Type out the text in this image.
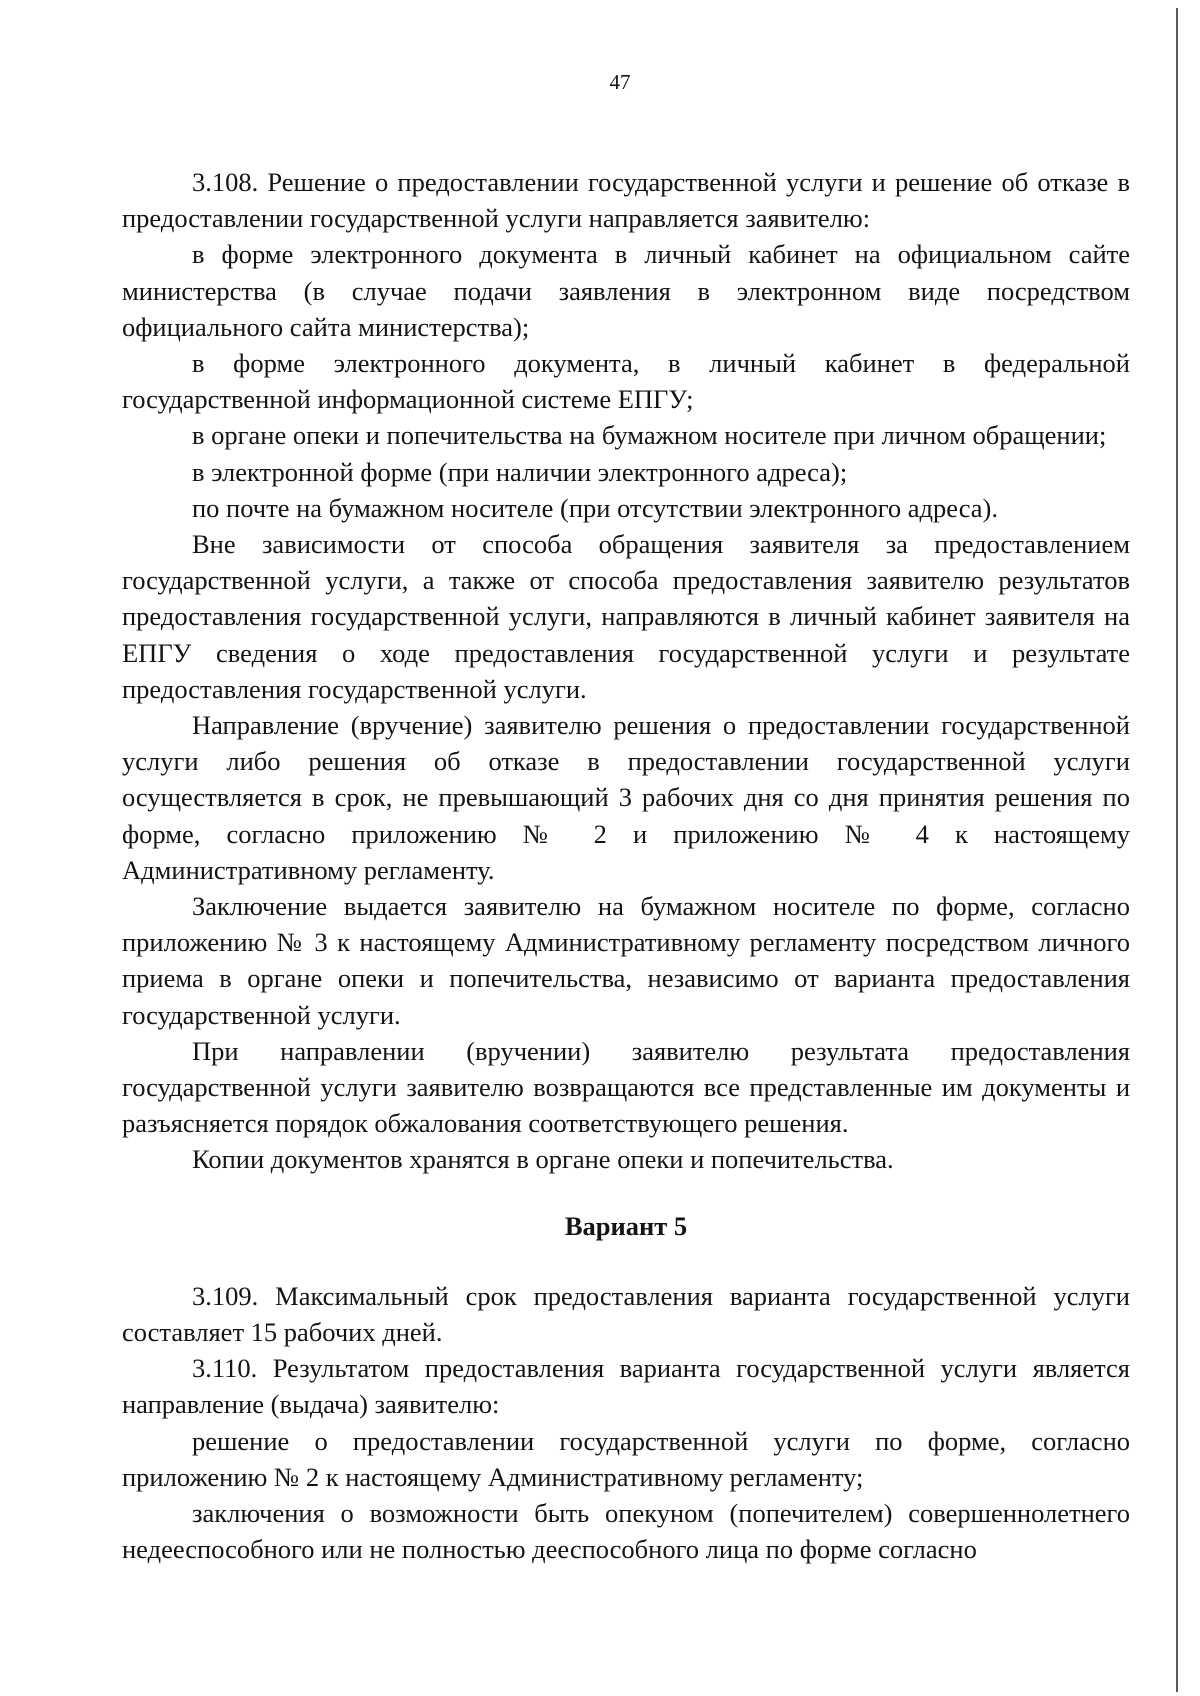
47

3.108. Решение о предоставлении государственной услуги и решение об отказе в предоставлении государственной услуги направляется заявителю:

в форме электронного документа в личный кабинет на официальном сайте министерства (в случае подачи заявления в электронном виде посредством официального сайта министерства);

в форме электронного документа, в личный кабинет в федеральной государственной информационной системе ЕПГУ;

в органе опеки и попечительства на бумажном носителе при личном обращении;

в электронной форме (при наличии электронного адреса);

по почте на бумажном носителе (при отсутствии электронного адреса).

Вне зависимости от способа обращения заявителя за предоставлением государственной услуги, а также от способа предоставления заявителю результатов предоставления государственной услуги, направляются в личный кабинет заявителя на ЕПГУ сведения о ходе предоставления государственной услуги и результате предоставления государственной услуги.

Направление (вручение) заявителю решения о предоставлении государственной услуги либо решения об отказе в предоставлении государственной услуги осуществляется в срок, не превышающий 3 рабочих дня со дня принятия решения по форме, согласно приложению № 2 и приложению № 4 к настоящему Административному регламенту.

Заключение выдается заявителю на бумажном носителе по форме, согласно приложению № 3 к настоящему Административному регламенту посредством личного приема в органе опеки и попечительства, независимо от варианта предоставления государственной услуги.

При направлении (вручении) заявителю результата предоставления государственной услуги заявителю возвращаются все представленные им документы и разъясняется порядок обжалования соответствующего решения.

Копии документов хранятся в органе опеки и попечительства.

Вариант 5

3.109. Максимальный срок предоставления варианта государственной услуги составляет 15 рабочих дней.

3.110. Результатом предоставления варианта государственной услуги является направление (выдача) заявителю:

решение о предоставлении государственной услуги по форме, согласно приложению № 2 к настоящему Административному регламенту;

заключения о возможности быть опекуном (попечителем) совершеннолетнего недееспособного или не полностью дееспособного лица по форме согласно
